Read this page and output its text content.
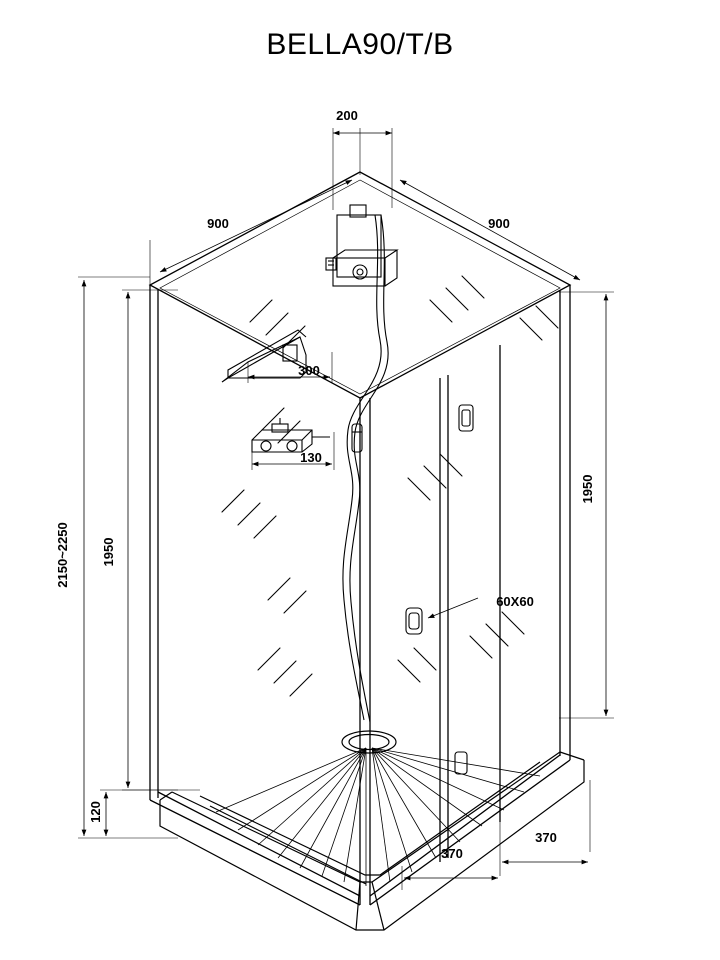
BELLA90/T/B
200
900	900
300
130
2150~2250 1950
1950
60X60
120
370
370
